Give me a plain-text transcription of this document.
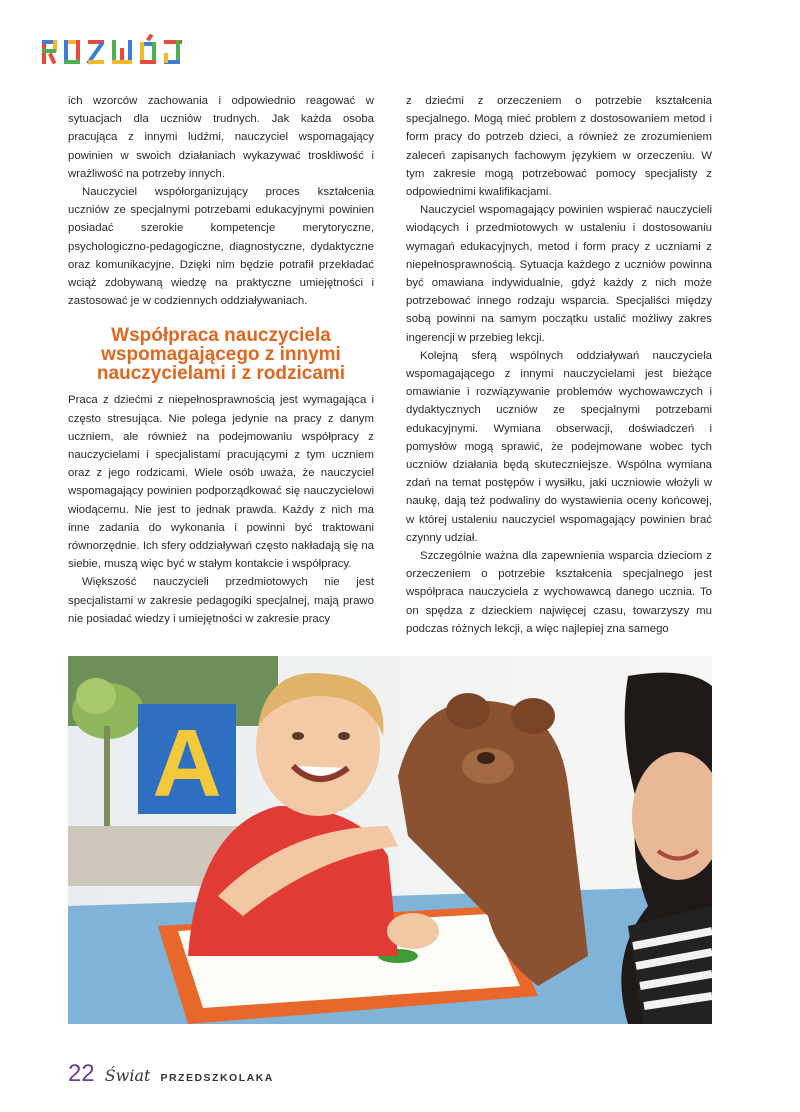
ich wzorców zachowania i odpowiednio reagować w sytuacjach dla uczniów trudnych. Jak każda osoba pracująca z innymi ludźmi, nauczyciel wspomagający powinien w swoich działaniach wykazywać troskliwość i wrażliwość na potrzeby innych.

Nauczyciel współorganizujący proces kształcenia uczniów ze specjalnymi potrzebami edukacyjnymi powinien posiadać szerokie kompetencje merytoryczne, psychologiczno-pedagogiczne, diagnostyczne, dydaktyczne oraz komunikacyjne. Dzięki nim będzie potrafił przekładać wciąż zdobywaną wiedzę na praktyczne umiejętności i zastosować je w codziennych oddziaływaniach.

Współpraca nauczyciela wspomagającego z innymi nauczycielami i z rodzicami

Praca z dziećmi z niepełnosprawnością jest wymagająca i często stresująca. Nie polega jedynie na pracy z danym uczniem, ale również na podejmowaniu współpracy z nauczycielami i specjalistami pracującymi z tym uczniem oraz z jego rodzicami. Wiele osób uważa, że nauczyciel wspomagający powinien podporządkować się nauczycielowi wiodącemu. Nie jest to jednak prawda. Każdy z nich ma inne zadania do wykonania i powinni być traktowani równorzędnie. Ich sfery oddziaływań często nakładają się na siebie, muszą więc być w stałym kontakcie i współpracy.

Większość nauczycieli przedmiotowych nie jest specjalistami w zakresie pedagogiki specjalnej, mają prawo nie posiadać wiedzy i umiejętności w zakresie pracy

z dziećmi z orzeczeniem o potrzebie kształcenia specjalnego. Mogą mieć problem z dostosowaniem metod i form pracy do potrzeb dzieci, a również ze zrozumieniem zaleceń zapisanych fachowym językiem w orzeczeniu. W tym zakresie mogą potrzebować pomocy specjalisty z odpowiednimi kwalifikacjami.

Nauczyciel wspomagający powinien wspierać nauczycieli wiodących i przedmiotowych w ustaleniu i dostosowaniu wymagań edukacyjnych, metod i form pracy z uczniami z niepełnosprawnością. Sytuacja każdego z uczniów powinna być omawiana indywidualnie, gdyż każdy z nich może potrzebować innego rodzaju wsparcia. Specjaliści między sobą powinni na samym początku ustalić możliwy zakres ingerencji w przebieg lekcji.

Kolejną sferą wspólnych oddziaływań nauczyciela wspomagającego z innymi nauczycielami jest bieżące omawianie i rozwiązywanie problemów wychowawczych i dydaktycznych uczniów ze specjalnymi potrzebami edukacyjnymi. Wymiana obserwacji, doświadczeń i pomysłów mogą sprawić, że podejmowane wobec tych uczniów działania będą skuteczniejsze. Wspólna wymiana zdań na temat postępów i wysiłku, jaki uczniowie włożyli w naukę, dają też podwaliny do wystawienia oceny końcowej, w której ustaleniu nauczyciel wspomagający powinien brać czynny udział.

Szczególnie ważna dla zapewnienia wsparcia dzieciom z orzeczeniem o potrzebie kształcenia specjalnego jest współpraca nauczyciela z wychowawcą danego ucznia. To on spędza z dzieckiem najwięcej czasu, towarzyszy mu podczas różnych lekcji, a więc najlepiej zna samego

A
22 Świat PRZEDSZKOLAKA
